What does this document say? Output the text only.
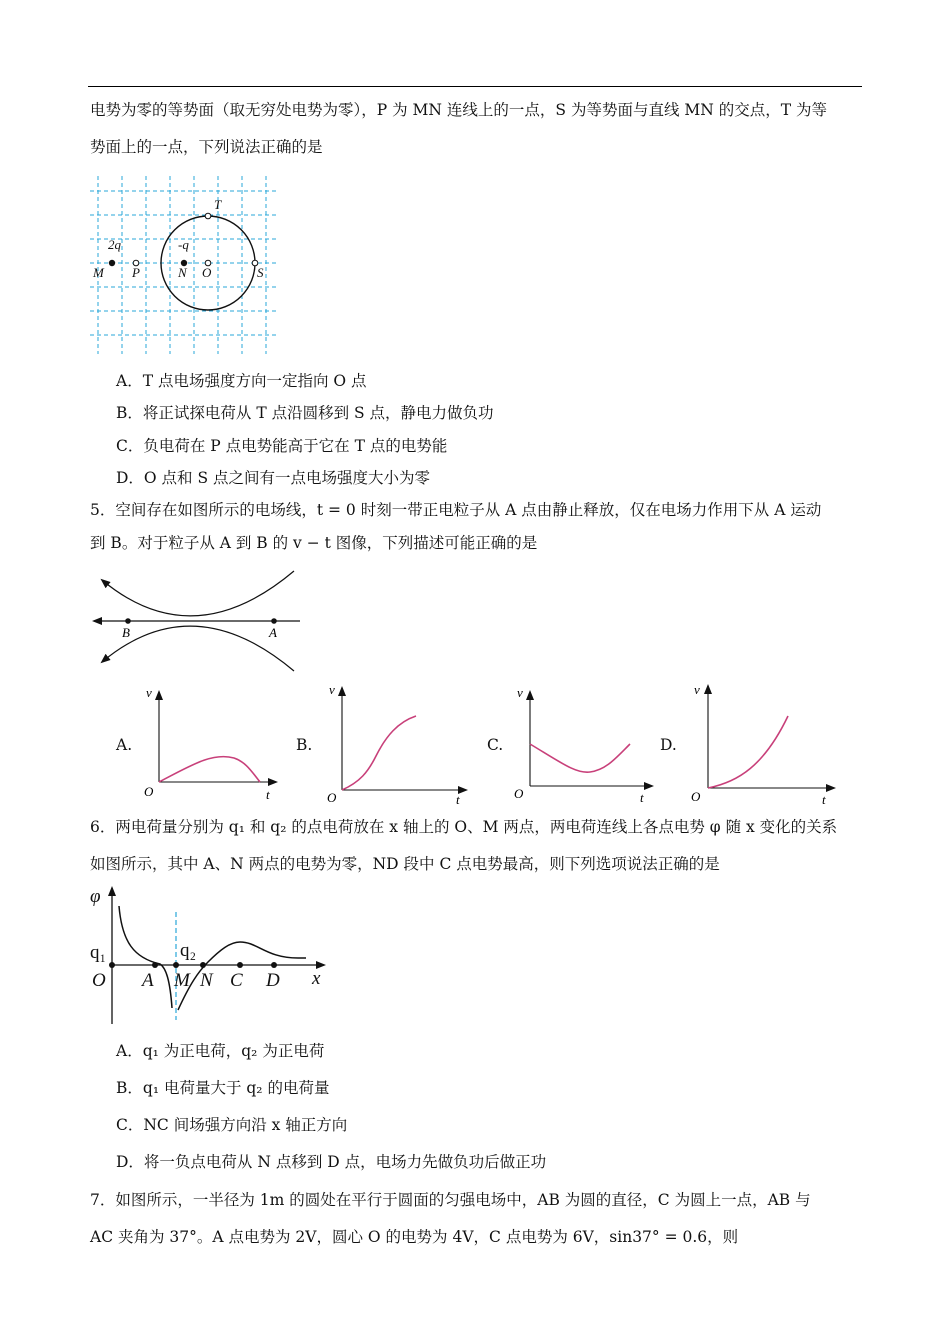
电势为零的等势面（取无穷处电势为零），P 为 MN 连线上的一点，S 为等势面与直线 MN 的交点，T 为等
势面上的一点，下列说法正确的是
T
2q	-q
M P	N O	S
A．T 点电场强度方向一定指向 O 点
B．将正试探电荷从 T 点沿圆移到 S 点，静电力做负功
C．负电荷在 P 点电势能高于它在 T 点的电势能
D．O 点和 S 点之间有一点电场强度大小为零
5．空间存在如图所示的电场线，t = 0 时刻一带正电粒子从 A 点由静止释放，仅在电场力作用下从 A 运动
到 B。对于粒子从 A 到 B 的 v − t 图像，下列描述可能正确的是
B	A
A.	B.	C.	D.
v
O	t
v
O	t
v
O	t
v
O	t
6．两电荷量分别为 q₁ 和 q₂ 的点电荷放在 x 轴上的 O、M 两点，两电荷连线上各点电势 φ 随 x 变化的关系
如图所示，其中 A、N 两点的电势为零，ND 段中 C 点电势最高，则下列选项说法正确的是
φ
q₁	q₂
O A M N C D x
A．q₁ 为正电荷，q₂ 为正电荷
B．q₁ 电荷量大于 q₂ 的电荷量
C．NC 间场强方向沿 x 轴正方向
D．将一负点电荷从 N 点移到 D 点，电场力先做负功后做正功
7．如图所示，一半径为 1m 的圆处在平行于圆面的匀强电场中，AB 为圆的直径，C 为圆上一点，AB 与
AC 夹角为 37°。A 点电势为 2V，圆心 O 的电势为 4V，C 点电势为 6V，sin37° = 0.6，则
